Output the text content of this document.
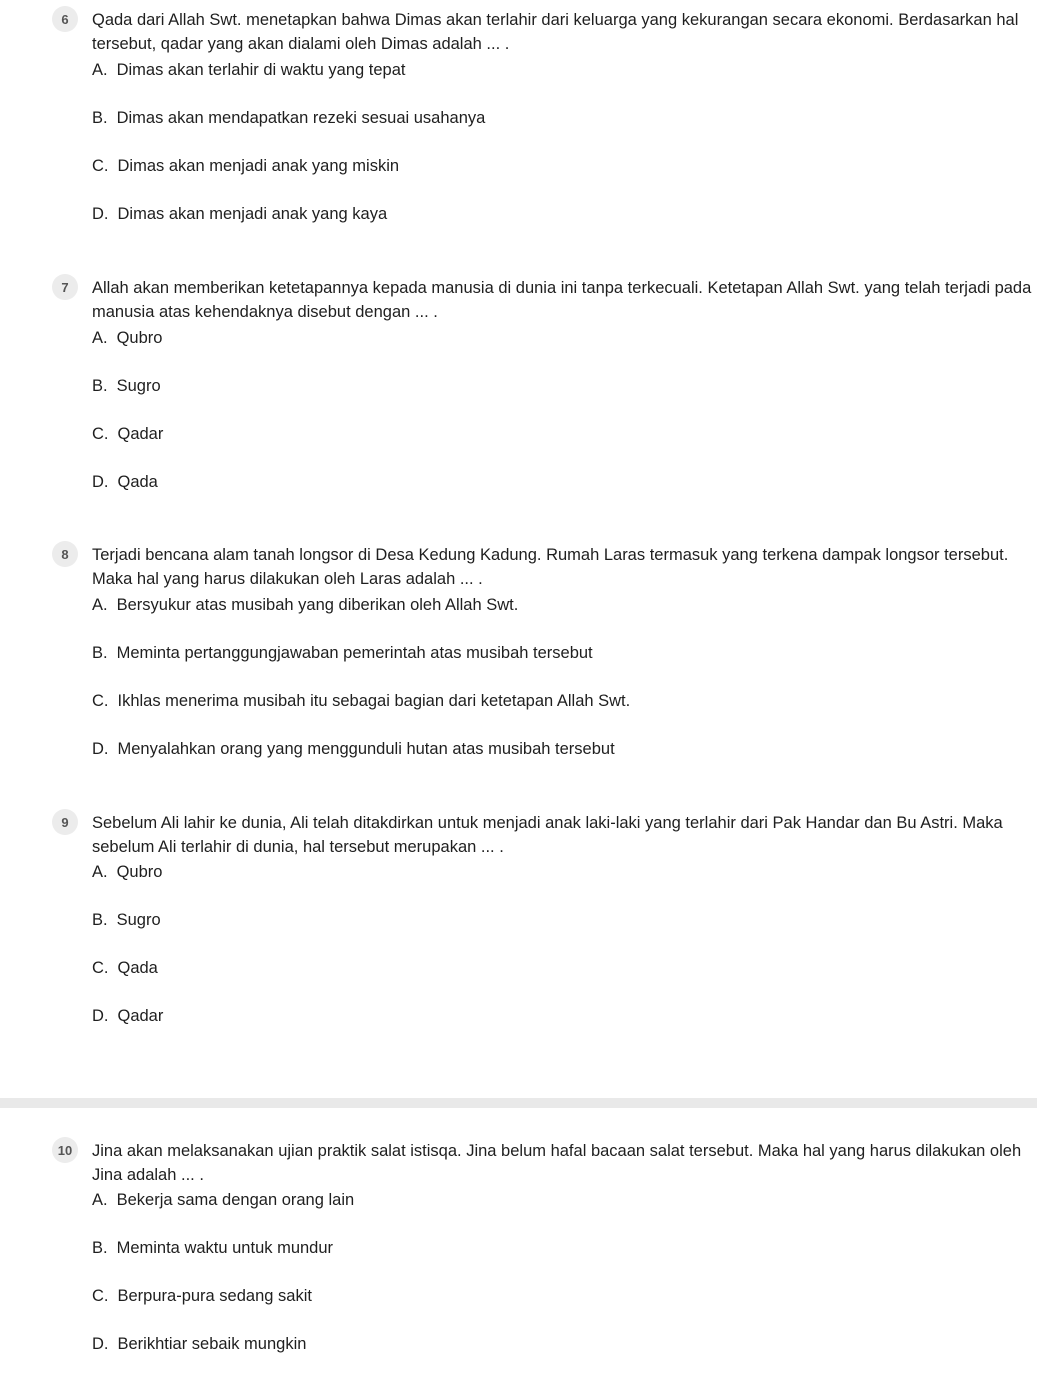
6	Qada dari Allah Swt. menetapkan bahwa Dimas akan terlahir dari keluarga yang kekurangan secara ekonomi. Berdasarkan hal tersebut, qadar yang akan dialami oleh Dimas adalah ... .
A. Dimas akan terlahir di waktu yang tepat
B. Dimas akan mendapatkan rezeki sesuai usahanya
C. Dimas akan menjadi anak yang miskin
D. Dimas akan menjadi anak yang kaya
7	Allah akan memberikan ketetapannya kepada manusia di dunia ini tanpa terkecuali. Ketetapan Allah Swt. yang telah terjadi pada manusia atas kehendaknya disebut dengan ... .
A. Qubro
B. Sugro
C. Qadar
D. Qada
8	Terjadi bencana alam tanah longsor di Desa Kedung Kadung. Rumah Laras termasuk yang terkena dampak longsor tersebut. Maka hal yang harus dilakukan oleh Laras adalah ... .
A. Bersyukur atas musibah yang diberikan oleh Allah Swt.
B. Meminta pertanggungjawaban pemerintah atas musibah tersebut
C. Ikhlas menerima musibah itu sebagai bagian dari ketetapan Allah Swt.
D. Menyalahkan orang yang menggunduli hutan atas musibah tersebut
9	Sebelum Ali lahir ke dunia, Ali telah ditakdirkan untuk menjadi anak laki-laki yang terlahir dari Pak Handar dan Bu Astri. Maka sebelum Ali terlahir di dunia, hal tersebut merupakan ... .
A. Qubro
B. Sugro
C. Qada
D. Qadar
10	Jina akan melaksanakan ujian praktik salat istisqa. Jina belum hafal bacaan salat tersebut. Maka hal yang harus dilakukan oleh Jina adalah ... .
A. Bekerja sama dengan orang lain
B. Meminta waktu untuk mundur
C. Berpura-pura sedang sakit
D. Berikhtiar sebaik mungkin
